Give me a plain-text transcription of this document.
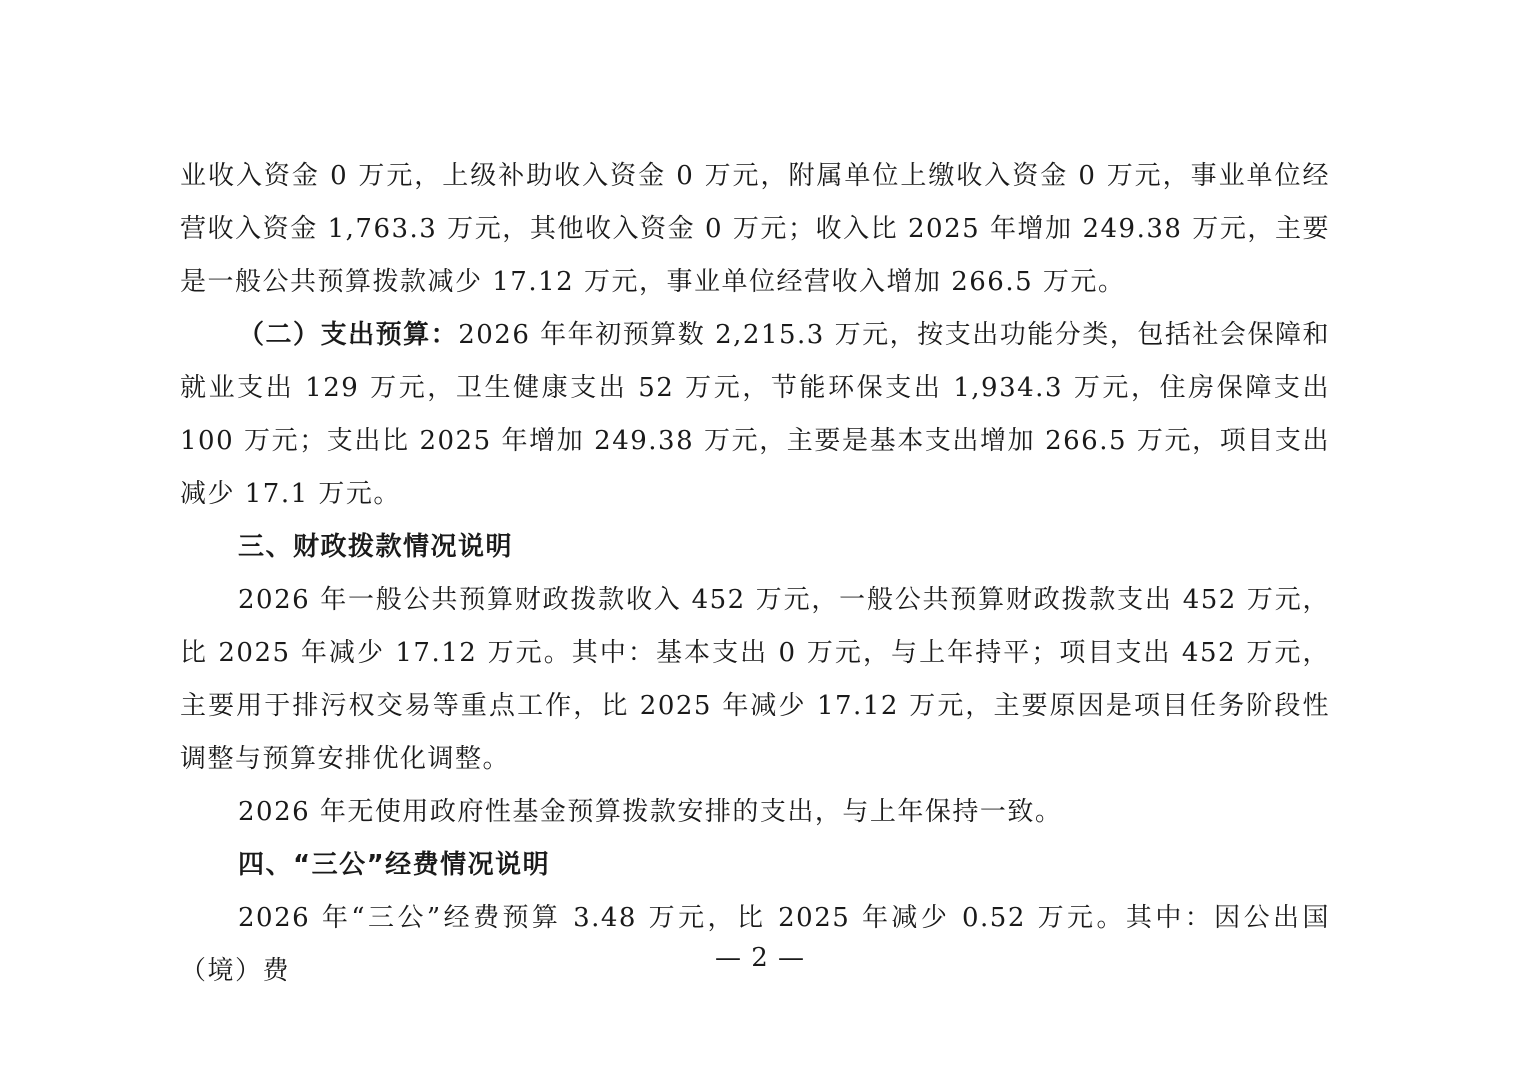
业收入资金 0 万元，上级补助收入资金 0 万元，附属单位上缴收入资金 0 万元，事业单位经营收入资金 1,763.3 万元，其他收入资金 0 万元；收入比 2025 年增加 249.38 万元，主要是一般公共预算拨款减少 17.12 万元，事业单位经营收入增加 266.5 万元。

（二）支出预算：2026 年年初预算数 2,215.3 万元，按支出功能分类，包括社会保障和就业支出 129 万元，卫生健康支出 52 万元，节能环保支出 1,934.3 万元，住房保障支出 100 万元；支出比 2025 年增加 249.38 万元，主要是基本支出增加 266.5 万元，项目支出减少 17.1 万元。

三、财政拨款情况说明

2026 年一般公共预算财政拨款收入 452 万元，一般公共预算财政拨款支出 452 万元，比 2025 年减少 17.12 万元。其中：基本支出 0 万元，与上年持平；项目支出 452 万元，主要用于排污权交易等重点工作，比 2025 年减少 17.12 万元，主要原因是项目任务阶段性调整与预算安排优化调整。

2026 年无使用政府性基金预算拨款安排的支出，与上年保持一致。

四、“三公”经费情况说明

2026 年“三公”经费预算 3.48 万元，比 2025 年减少 0.52 万元。其中：因公出国（境）费	— 2 —
